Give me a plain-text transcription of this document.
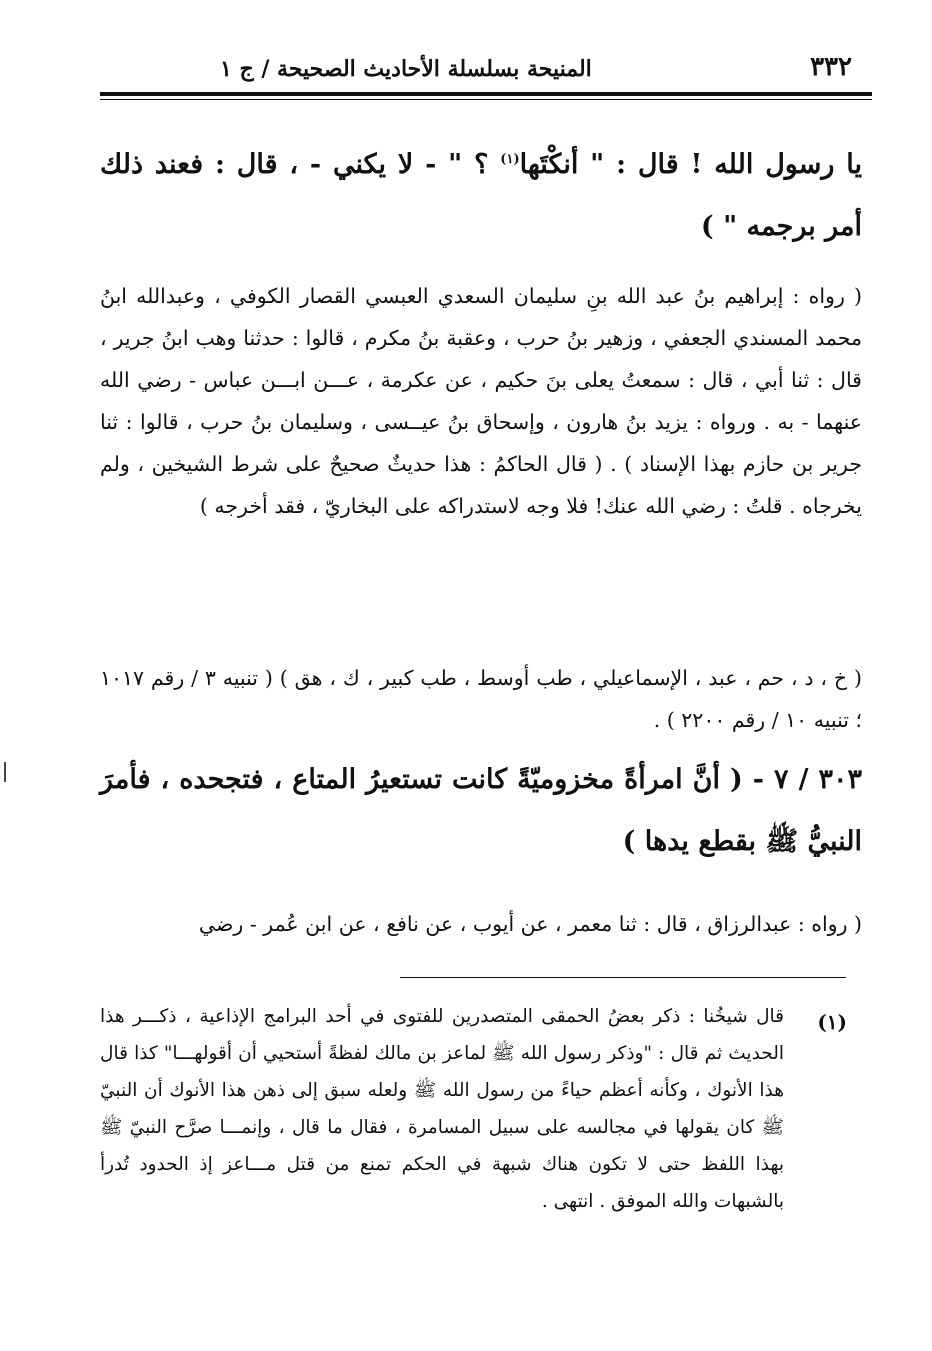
٣٣٢
المنيحة بسلسلة الأحاديث الصحيحة / ج ١
يا رسول الله ! قال : " أنكْتَها$^{(١)}$ ؟ " - لا يكني - ، قال : فعند ذلك أمر برجمه " )
( رواه : إبراهيم بنُ عبد الله بنِ سليمان السعدي العبسي القصار الكوفي ، وعبدالله ابنُ محمد المسندي الجعفي ، وزهير بنُ حرب ، وعقبة بنُ مكرم ، قالوا : حدثنا وهب ابنُ جرير ، قال : ثنا أبي ، قال : سمعتُ يعلى بنَ حكيم ، عن عكرمة ، عـــن ابـــن عباس - رضي الله عنهما - به . ورواه : يزيد بنُ هارون ، وإسحاق بنُ عيــسى ، وسليمان بنُ حرب ، قالوا : ثنا جرير بن حازم بهذا الإسناد ) . ( قال الحاكمُ : هذا حديثٌ صحيحٌ على شرط الشيخين ، ولم يخرجاه . قلتُ : رضي الله عنك! فلا وجه لاستدراكه على البخاريّ ، فقد أخرجه )
( خ ، د ، حم ، عبد ، الإسماعيلي ، طب أوسط ، طب كبير ، ك ، هق ) ( تنبيه ٣ / رقم ١٠١٧ ؛ تنبيه ١٠ / رقم ٢٢٠٠ ) .
٣٠٣ / ٧ - ( أنَّ امرأةً مخزوميّةً كانت تستعيرُ المتاع ، فتجحده ، فأمرَ النبيُّ ﷺ بقطع يدها )
( رواه : عبدالرزاق ، قال : ثنا معمر ، عن أيوب ، عن نافع ، عن ابن عُمر - رضي
(١)
قال شيخُنا : ذكر بعضُ الحمقى المتصدرين للفتوى في أحد البرامج الإذاعية ، ذكـــر هذا الحديث ثم قال : "وذكر رسول الله ﷺ لماعز بن مالك لفظةً أستحيي أن أقولهـــا" كذا قال هذا الأنوك ، وكأنه أعظم حياءً من رسول الله ﷺ ولعله سبق إلى ذهن هذا الأنوك أن النبيّ ﷺ كان يقولها في مجالسه على سبيل المسامرة ، فقال ما قال ، وإنمـــا صرَّح النبيّ ﷺ بهذا اللفظ حتى لا تكون هناك شبهة في الحكم تمنع من قتل مـــاعز إذ الحدود تُدرأ بالشبهات والله الموفق . انتهى .
